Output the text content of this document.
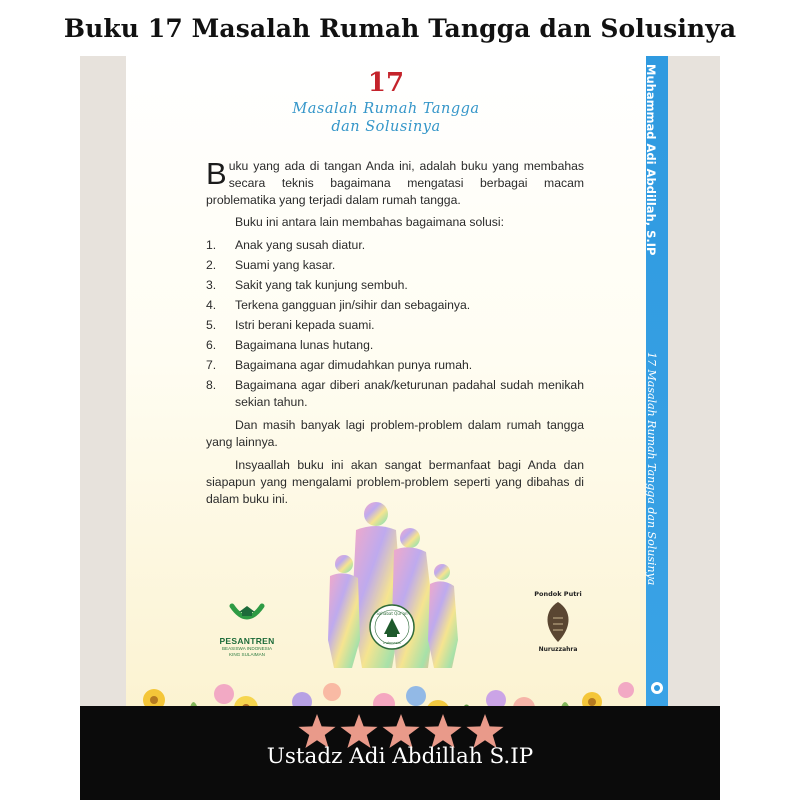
Buku 17 Masalah Rumah Tangga dan Solusinya
17
Masalah Rumah Tangga
dan Solusinya

Buku yang ada di tangan Anda ini, adalah buku yang membahas secara teknis bagaimana mengatasi berbagai macam problematika yang terjadi dalam rumah tangga.

Buku ini antara lain membahas bagaimana solusi:

1.	Anak yang susah diatur.
2.	Suami yang kasar.
3.	Sakit yang tak kunjung sembuh.
4.	Terkena gangguan jin/sihir dan sebagainya.
5.	Istri berani kepada suami.
6.	Bagaimana lunas hutang.
7.	Bagaimana agar dimudahkan punya rumah.
8.	Bagaimana agar diberi anak/keturunan padahal sudah menikah sekian tahun.

Dan masih banyak lagi problem-problem dalam rumah tangga yang lainnya.

Insyaallah buku ini akan sangat bermanfaat bagi Anda dan siapapun yang mengalami problem-problem seperti yang dibahas di dalam buku ini.

PESANTREN
BEASISWA INDONESIA
KING SULAIMAN
Sahabat Qur'an
Indonesia
Pondok Putri
Nuruzzahra
Muhammad Adi Abdillah, S.IP
17 Masalah Rumah Tangga dan Solusinya
Ustadz Adi Abdillah S.IP
